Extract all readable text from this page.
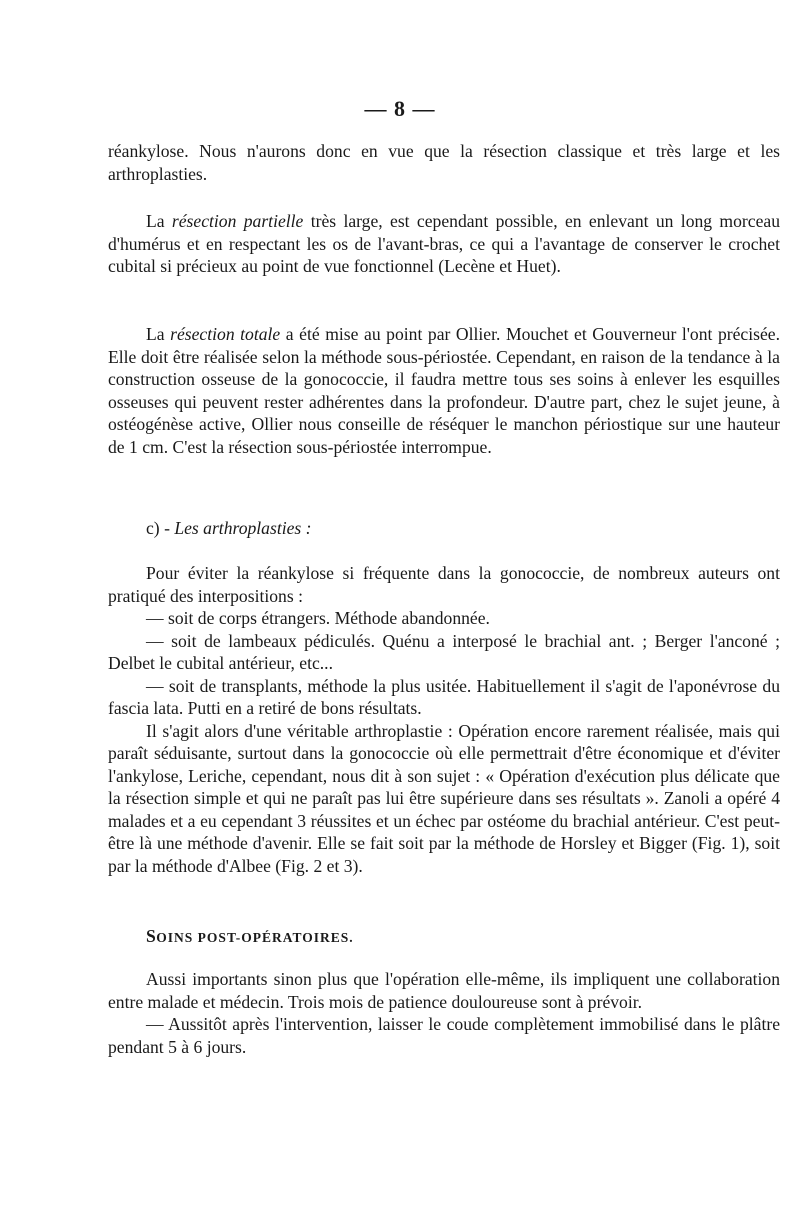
— 8 —

réankylose. Nous n'aurons donc en vue que la résection classique et très large et les arthroplasties.

La résection partielle très large, est cependant possible, en enlevant un long morceau d'humérus et en respectant les os de l'avant-bras, ce qui a l'avantage de conserver le crochet cubital si précieux au point de vue fonctionnel (Lecène et Huet).

La résection totale a été mise au point par Ollier. Mouchet et Gouverneur l'ont précisée. Elle doit être réalisée selon la méthode sous-périostée. Cependant, en raison de la tendance à la construction osseuse de la gonococcie, il faudra mettre tous ses soins à enlever les esquilles osseuses qui peuvent rester adhérentes dans la profondeur. D'autre part, chez le sujet jeune, à ostéogénèse active, Ollier nous conseille de réséquer le manchon périostique sur une hauteur de 1 cm. C'est la résection sous-périostée interrompue.

c) - Les arthroplasties :

Pour éviter la réankylose si fréquente dans la gonococcie, de nombreux auteurs ont pratiqué des interpositions :

— soit de corps étrangers. Méthode abandonnée.

— soit de lambeaux pédiculés. Quénu a interposé le brachial ant. ; Berger l'anconé ; Delbet le cubital antérieur, etc...

— soit de transplants, méthode la plus usitée. Habituellement il s'agit de l'aponévrose du fascia lata. Putti en a retiré de bons résultats.

Il s'agit alors d'une véritable arthroplastie : Opération encore rarement réalisée, mais qui paraît séduisante, surtout dans la gonococcie où elle permettrait d'être économique et d'éviter l'ankylose, Leriche, cependant, nous dit à son sujet : « Opération d'exécution plus délicate que la résection simple et qui ne paraît pas lui être supérieure dans ses résultats ». Zanoli a opéré 4 malades et a eu cependant 3 réussites et un échec par ostéome du brachial antérieur. C'est peut-être là une méthode d'avenir. Elle se fait soit par la méthode de Horsley et Bigger (Fig. 1), soit par la méthode d'Albee (Fig. 2 et 3).

SOINS POST-OPÉRATOIRES.

Aussi importants sinon plus que l'opération elle-même, ils impliquent une collaboration entre malade et médecin. Trois mois de patience douloureuse sont à prévoir.

— Aussitôt après l'intervention, laisser le coude complètement immobilisé dans le plâtre pendant 5 à 6 jours.
